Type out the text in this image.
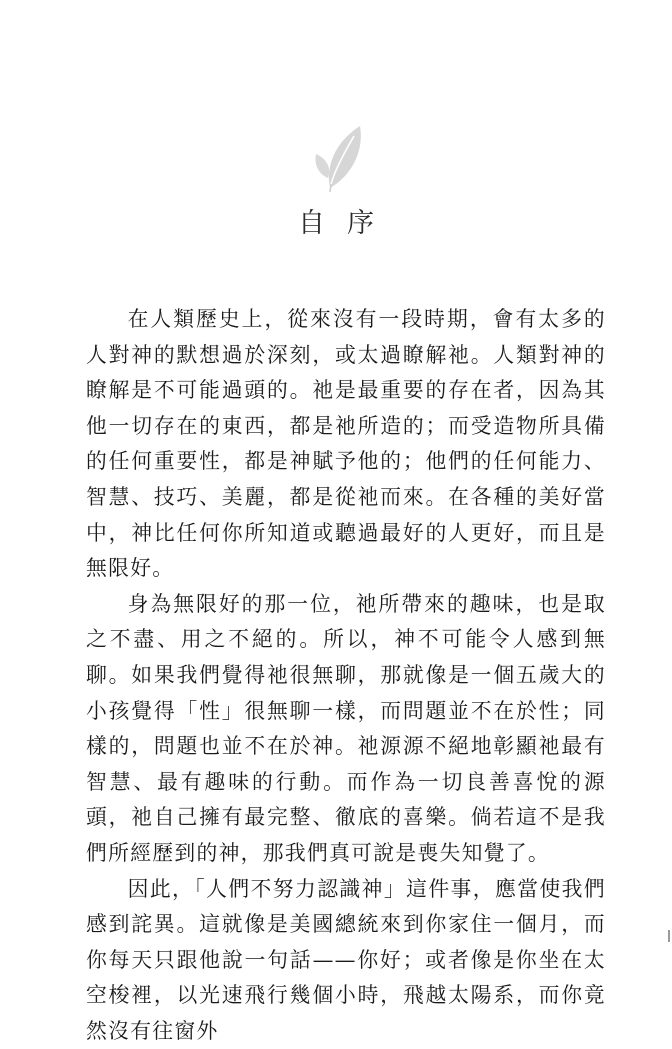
自序

在人類歷史上，從來沒有一段時期，會有太多的人對神的默想過於深刻，或太過瞭解祂。人類對神的瞭解是不可能過頭的。祂是最重要的存在者，因為其他一切存在的東西，都是祂所造的；而受造物所具備的任何重要性，都是神賦予他的；他們的任何能力、智慧、技巧、美麗，都是從祂而來。在各種的美好當中，神比任何你所知道或聽過最好的人更好，而且是無限好。

身為無限好的那一位，祂所帶來的趣味，也是取之不盡、用之不絕的。所以，神不可能令人感到無聊。如果我們覺得祂很無聊，那就像是一個五歲大的小孩覺得「性」很無聊一樣，而問題並不在於性；同樣的，問題也並不在於神。祂源源不絕地彰顯祂最有智慧、最有趣味的行動。而作為一切良善喜悅的源頭，祂自己擁有最完整、徹底的喜樂。倘若這不是我們所經歷到的神，那我們真可說是喪失知覺了。

因此，「人們不努力認識神」這件事，應當使我們感到詫異。這就像是美國總統來到你家住一個月，而你每天只跟他說一句話——你好；或者像是你坐在太空梭裡，以光速飛行幾個小時，飛越太陽系，而你竟然沒有往窗外
